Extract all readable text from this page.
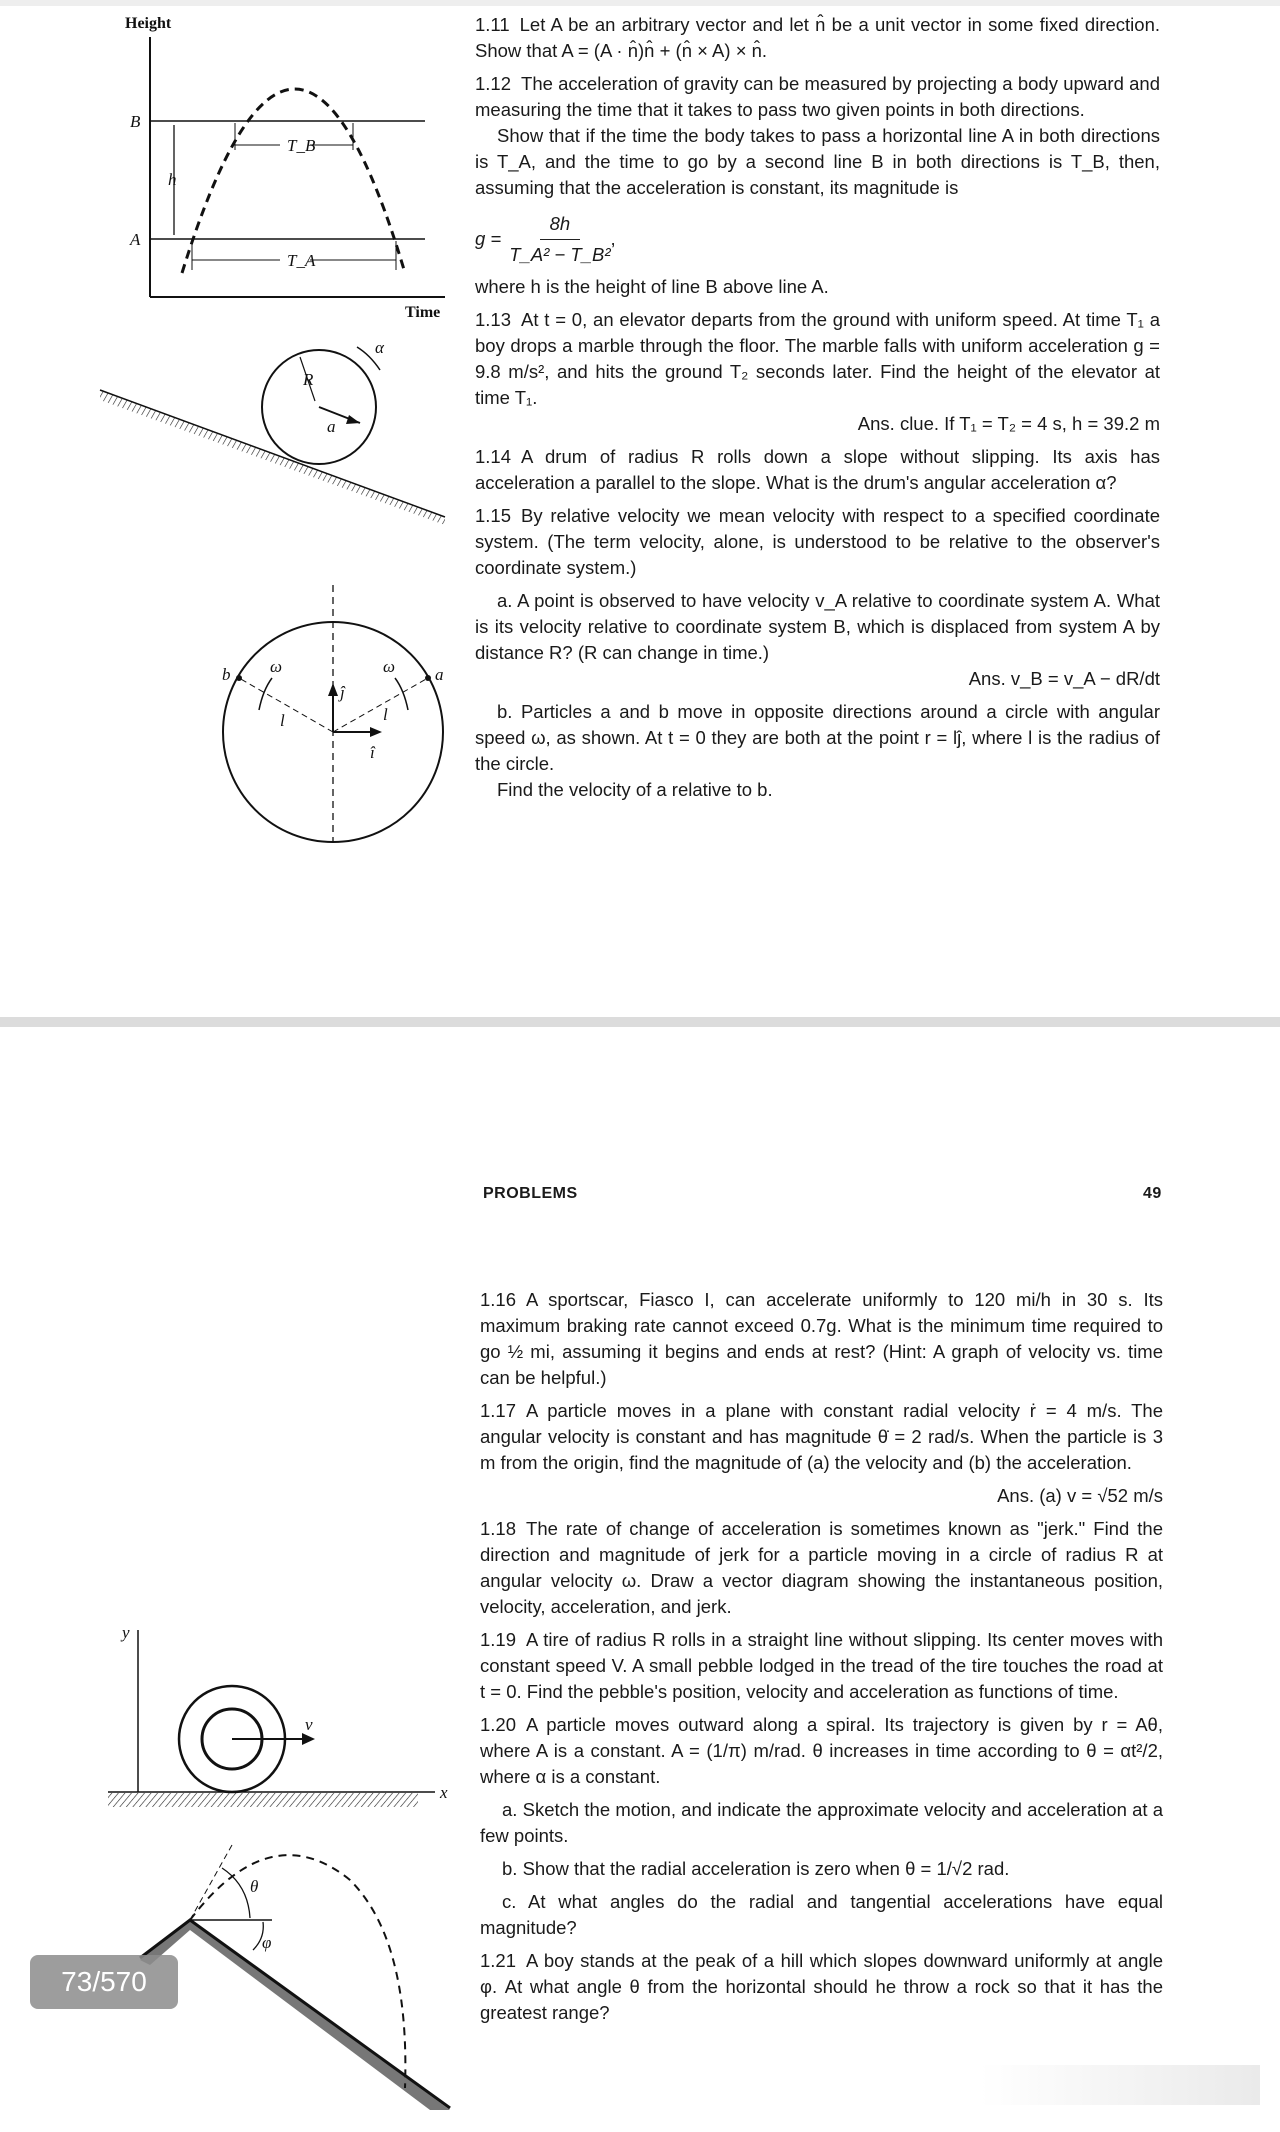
1.11 Let A be an arbitrary vector and let n̂ be a unit vector in some fixed direction. Show that A = (A · n̂)n̂ + (n̂ × A) × n̂.

1.12 The acceleration of gravity can be measured by projecting a body upward and measuring the time that it takes to pass two given points in both directions.

Show that if the time the body takes to pass a horizontal line A in both directions is T_A, and the time to go by a second line B in both directions is T_B, then, assuming that the acceleration is constant, its magnitude is

$g = \frac{8h}{\text{T\_A² − T\_B²}}$ ,

where h is the height of line B above line A.

1.13 At t = 0, an elevator departs from the ground with uniform speed. At time T₁ a boy drops a marble through the floor. The marble falls with uniform acceleration g = 9.8 m/s², and hits the ground T₂ seconds later. Find the height of the elevator at time T₁.

Ans. clue. If T₁ = T₂ = 4 s, h = 39.2 m

1.14 A drum of radius R rolls down a slope without slipping. Its axis has acceleration a parallel to the slope. What is the drum's angular acceleration α?

1.15 By relative velocity we mean velocity with respect to a specified coordinate system. (The term velocity, alone, is understood to be relative to the observer's coordinate system.)

a. A point is observed to have velocity v_A relative to coordinate system A. What is its velocity relative to coordinate system B, which is displaced from system A by distance R? (R can change in time.)

Ans. v_B = v_A − dR/dt

b. Particles a and b move in opposite directions around a circle with angular speed ω, as shown. At t = 0 they are both at the point r = lĵ, where l is the radius of the circle.

Find the velocity of a relative to b.

Height
Time
B
A
h
T_B
T_A
R
a
α
b	a
ω	ω
l	l
ĵ
î
PROBLEMS	49

1.16 A sportscar, Fiasco I, can accelerate uniformly to 120 mi/h in 30 s. Its maximum braking rate cannot exceed 0.7g. What is the minimum time required to go ½ mi, assuming it begins and ends at rest? (Hint: A graph of velocity vs. time can be helpful.)

1.17 A particle moves in a plane with constant radial velocity ṙ = 4 m/s. The angular velocity is constant and has magnitude θ̇ = 2 rad/s. When the particle is 3 m from the origin, find the magnitude of (a) the velocity and (b) the acceleration.

Ans. (a) v = √52 m/s

1.18 The rate of change of acceleration is sometimes known as "jerk." Find the direction and magnitude of jerk for a particle moving in a circle of radius R at angular velocity ω. Draw a vector diagram showing the instantaneous position, velocity, acceleration, and jerk.

1.19 A tire of radius R rolls in a straight line without slipping. Its center moves with constant speed V. A small pebble lodged in the tread of the tire touches the road at t = 0. Find the pebble's position, velocity and acceleration as functions of time.

1.20 A particle moves outward along a spiral. Its trajectory is given by r = Aθ, where A is a constant. A = (1/π) m/rad. θ increases in time according to θ = αt²/2, where α is a constant.

a. Sketch the motion, and indicate the approximate velocity and acceleration at a few points.

b. Show that the radial acceleration is zero when θ = 1/√2 rad.

c. At what angles do the radial and tangential accelerations have equal magnitude?

1.21 A boy stands at the peak of a hill which slopes downward uniformly at angle φ. At what angle θ from the horizontal should he throw a rock so that it has the greatest range?

y
x
v
θ
φ
73/570
